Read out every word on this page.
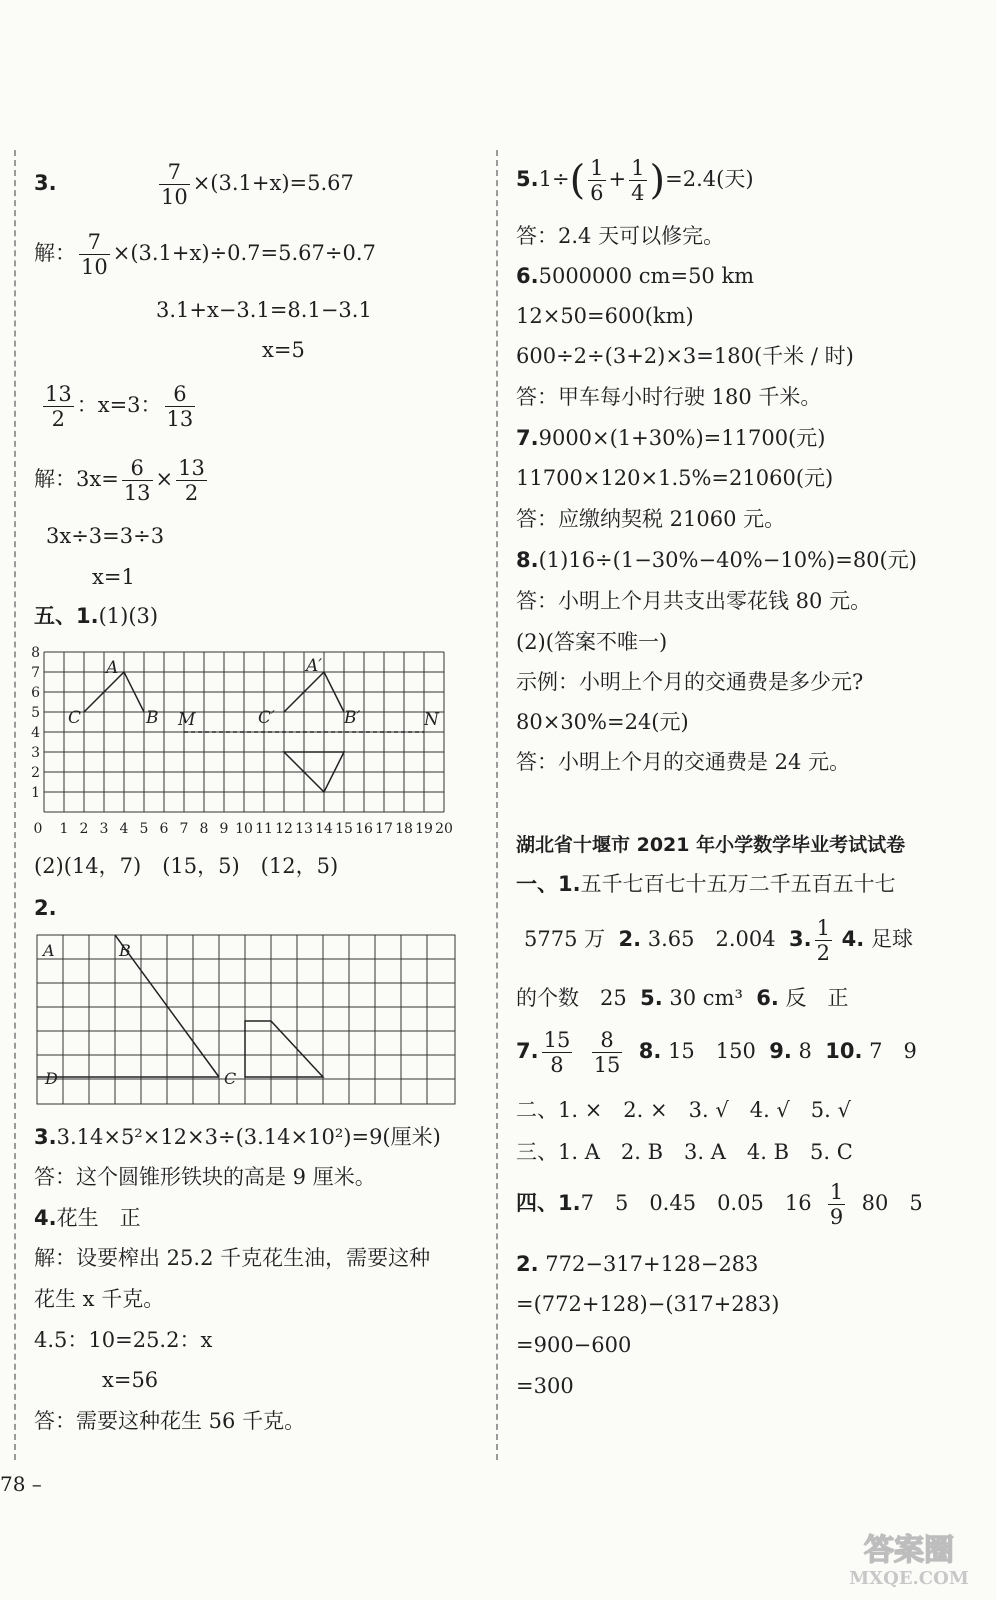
3.	$\frac{7}{10} \times(3.1+x)=5.67$
解： $\frac{7}{10} \times(3.1+x)\div 0.7=5.67\div 0.7$
3.1+x−3.1=8.1−3.1
x=5
$\frac{13}{2}$ ：x=3： $\frac{6}{13}$
解：$3x= \frac{6}{13} \times \frac{13}{2}$
3x÷3=3÷3
x=1
五、1.(1)(3)
8
7
6
5
4
3
2
1
0 1 2 3 4 5 6 7 8 9 10 11 12 13 14 15 16 17 18 19 20
A
C	B M	C′
A′
B′	N
(2)(14，7)　(15，5)　(12，5)
2.
A	B
D	C
3.3.14×5²×12×3÷(3.14×10²)=9(厘米)
答：这个圆锥形铁块的高是 9 厘米。
4.花生　正
解：设要榨出 25.2 千克花生油，需要这种
花生 x 千克。
4.5：10=25.2：x
x=56
答：需要这种花生 56 千克。
$5.1\div( \frac{1}{6} + \frac{1}{4} )=2.4$(天)
答：2.4 天可以修完。
6.5000000 cm=50 km
12×50=600(km)
600÷2÷(3+2)×3=180(千米 / 时)
答：甲车每小时行驶 180 千米。
7.9000×(1+30%)=11700(元)
11700×120×1.5%=21060(元)
答：应缴纳契税 21060 元。
8.(1)16÷(1−30%−40%−10%)=80(元)
答：小明上个月共支出零花钱 80 元。
(2)(答案不唯一)
示例：小明上个月的交通费是多少元?
80×30%=24(元)
答：小明上个月的交通费是 24 元。
湖北省十堰市 2021 年小学数学毕业考试试卷
一、1.五千七百七十五万二千五百五十七
5775 万 2. 3.65　2.004 3. $\frac{1}{2} 4$. 足球
的个数　25 5. 30 cm³ 6. 反　正
7. $\frac{15}{8}$
$\frac{8}{15} 8$. 15　150 9. 8 10. 7　9
二、1. ×　2. ×　3. √　4. √　5. √
三、1. A　2. B　3. A　4. B　5. C
四、1.7　5　0.45　0.05　$16 \frac{1}{9} 80$　5
2. 772−317+128−283
=(772+128)−(317+283)
=900−600
=300
78 –
答案圈
MXQE.COM
